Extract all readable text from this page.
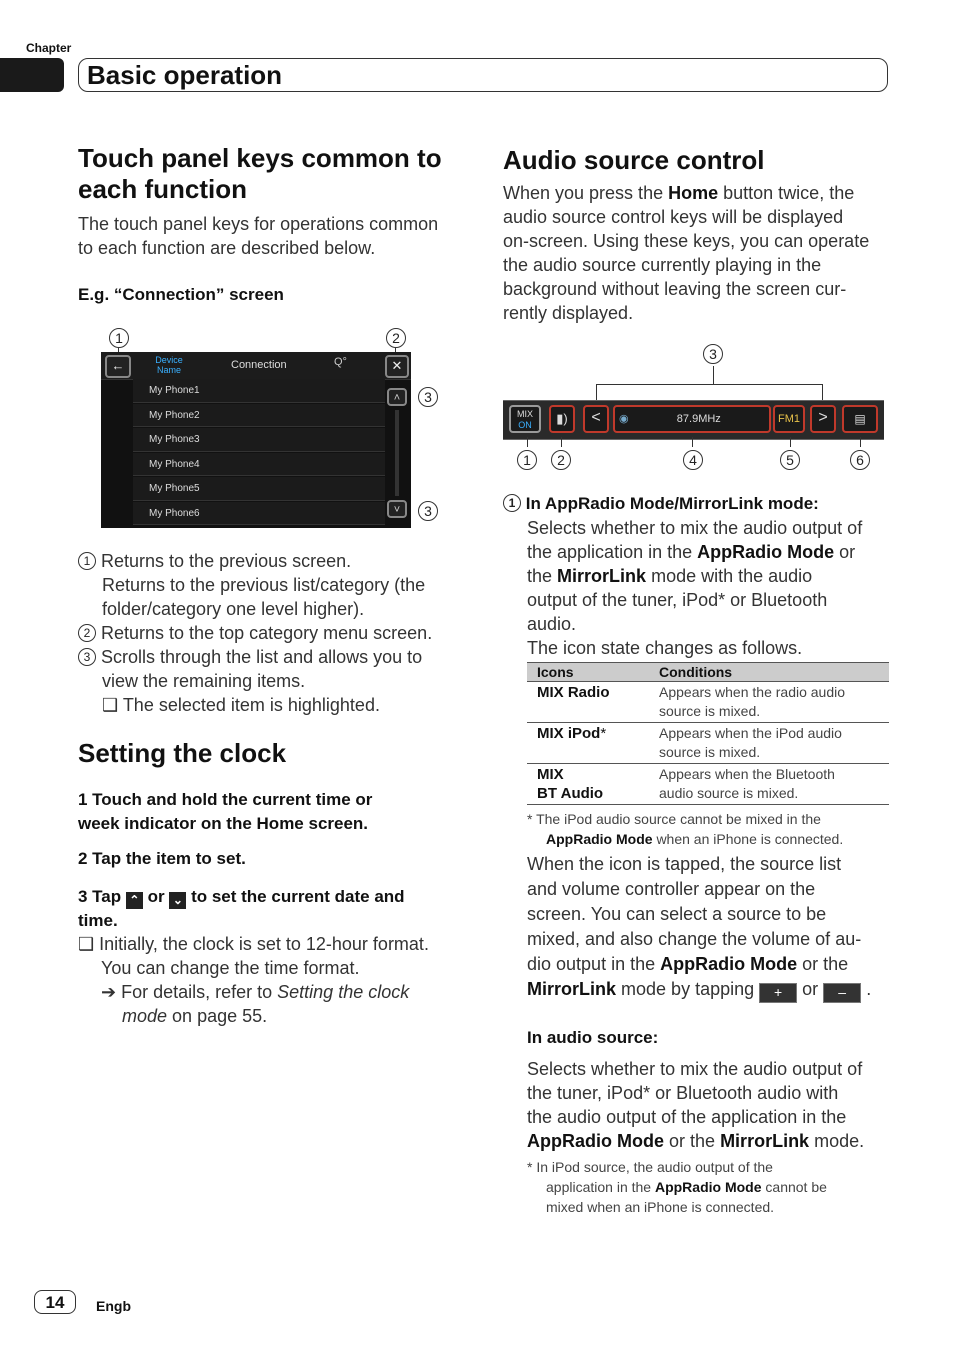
Chapter
Basic operation
Touch panel keys common to
each function
The touch panel keys for operations common
to each function are described below.
E.g. “Connection” screen
1	2
3
3
←	Device Name	Connection	Q°	✕
My Phone1
My Phone2
My Phone3
My Phone4
My Phone5
My Phone6
˄
˅
1 Returns to the previous screen.
Returns to the previous list/category (the
folder/category one level higher).
2 Returns to the top category menu screen.
3 Scrolls through the list and allows you to
view the remaining items.
❑ The selected item is highlighted.
Setting the clock
1 Touch and hold the current time or
week indicator on the Home screen.
2 Tap the item to set.
3 Tap ⌃ or ⌄ to set the current date and
time.
❑ Initially, the clock is set to 12-hour format.
You can change the time format.
➔ For details, refer to Setting the clock
mode on page 55.
Audio source control
When you press the Home button twice, the
audio source control keys will be displayed
on-screen. Using these keys, you can operate
the audio source currently playing in the
background without leaving the screen cur-
rently displayed.
3
MIX
ON	▮)	<	◉	87.9MHz	FM1	>	▤
1	2	4	5	6
1 In AppRadio Mode/MirrorLink mode:
Selects whether to mix the audio output of
the application in the AppRadio Mode or
the MirrorLink mode with the audio
output of the tuner, iPod* or Bluetooth
audio.
The icon state changes as follows.
Icons	Conditions
MIX Radio	Appears when the radio audio
source is mixed.
MIX iPod*	Appears when the iPod audio
source is mixed.
MIX
BT Audio	Appears when the Bluetooth
audio source is mixed.
* The iPod audio source cannot be mixed in the
AppRadio Mode when an iPhone is connected.
When the icon is tapped, the source list
and volume controller appear on the
screen. You can select a source to be
mixed, and also change the volume of au-
dio output in the AppRadio Mode or the
MirrorLink mode by tapping + or – .
In audio source:
Selects whether to mix the audio output of
the tuner, iPod* or Bluetooth audio with
the audio output of the application in the
AppRadio Mode or the MirrorLink mode.
* In iPod source, the audio output of the
application in the AppRadio Mode cannot be
mixed when an iPhone is connected.
14	Engb
